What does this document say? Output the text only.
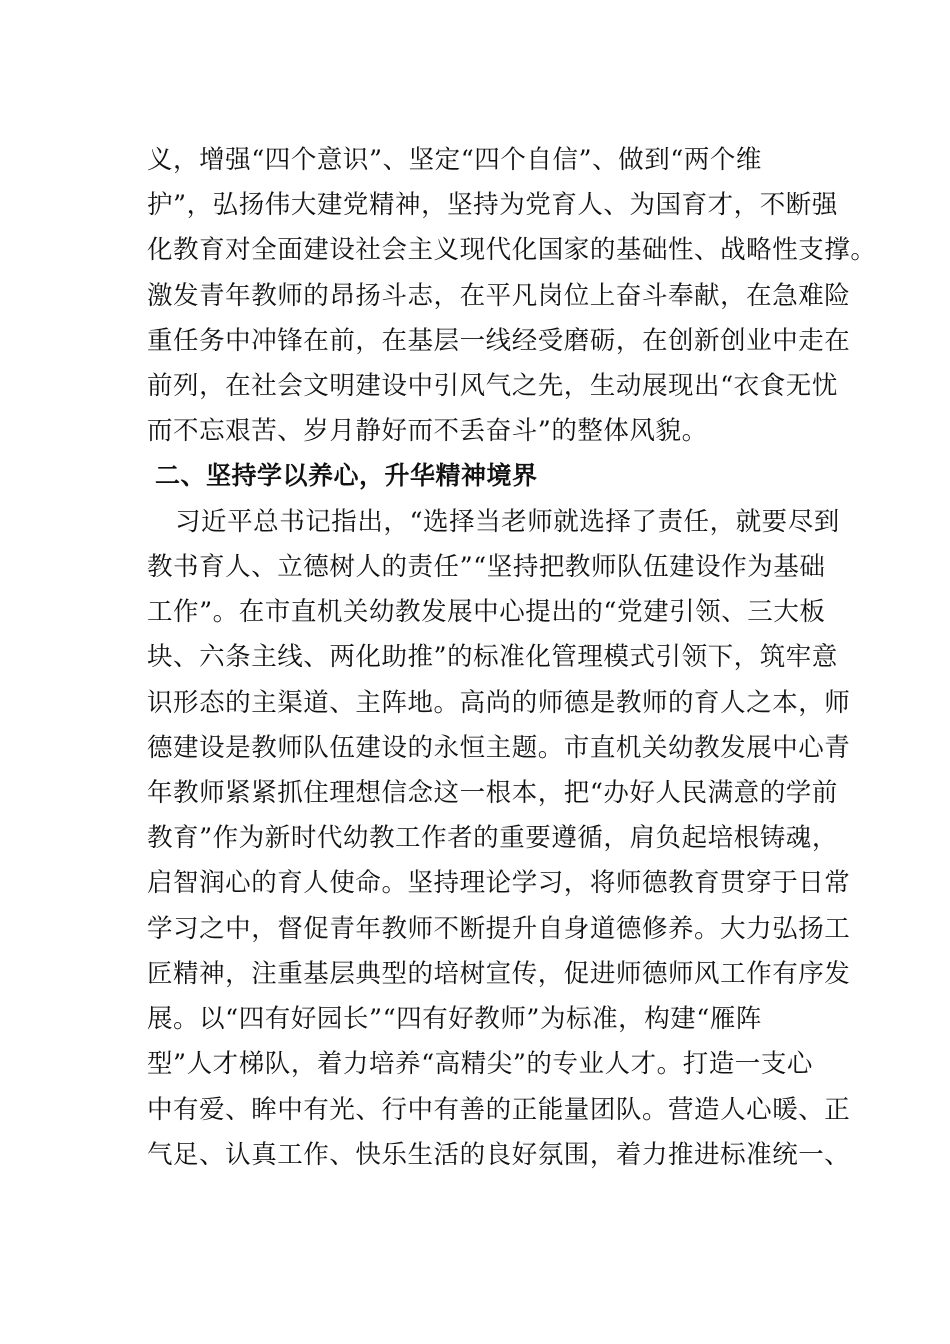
义，增强“四个意识”、坚定“四个自信”、做到“两个维
护”，弘扬伟大建党精神，坚持为党育人、为国育才，不断强
化教育对全面建设社会主义现代化国家的基础性、战略性支撑。
激发青年教师的昂扬斗志，在平凡岗位上奋斗奉献，在急难险
重任务中冲锋在前，在基层一线经受磨砺，在创新创业中走在
前列，在社会文明建设中引风气之先，生动展现出“衣食无忧
而不忘艰苦、岁月静好而不丢奋斗”的整体风貌。
二、坚持学以养心，升华精神境界
习近平总书记指出，“选择当老师就选择了责任，就要尽到
教书育人、立德树人的责任”“坚持把教师队伍建设作为基础
工作”。在市直机关幼教发展中心提出的“党建引领、三大板
块、六条主线、两化助推”的标准化管理模式引领下，筑牢意
识形态的主渠道、主阵地。高尚的师德是教师的育人之本，师
德建设是教师队伍建设的永恒主题。市直机关幼教发展中心青
年教师紧紧抓住理想信念这一根本，把“办好人民满意的学前
教育”作为新时代幼教工作者的重要遵循，肩负起培根铸魂，
启智润心的育人使命。坚持理论学习，将师德教育贯穿于日常
学习之中，督促青年教师不断提升自身道德修养。大力弘扬工
匠精神，注重基层典型的培树宣传，促进师德师风工作有序发
展。以“四有好园长”“四有好教师”为标准，构建“雁阵
型”人才梯队，着力培养“高精尖”的专业人才。打造一支心
中有爱、眸中有光、行中有善的正能量团队。营造人心暖、正
气足、认真工作、快乐生活的良好氛围，着力推进标准统一、
